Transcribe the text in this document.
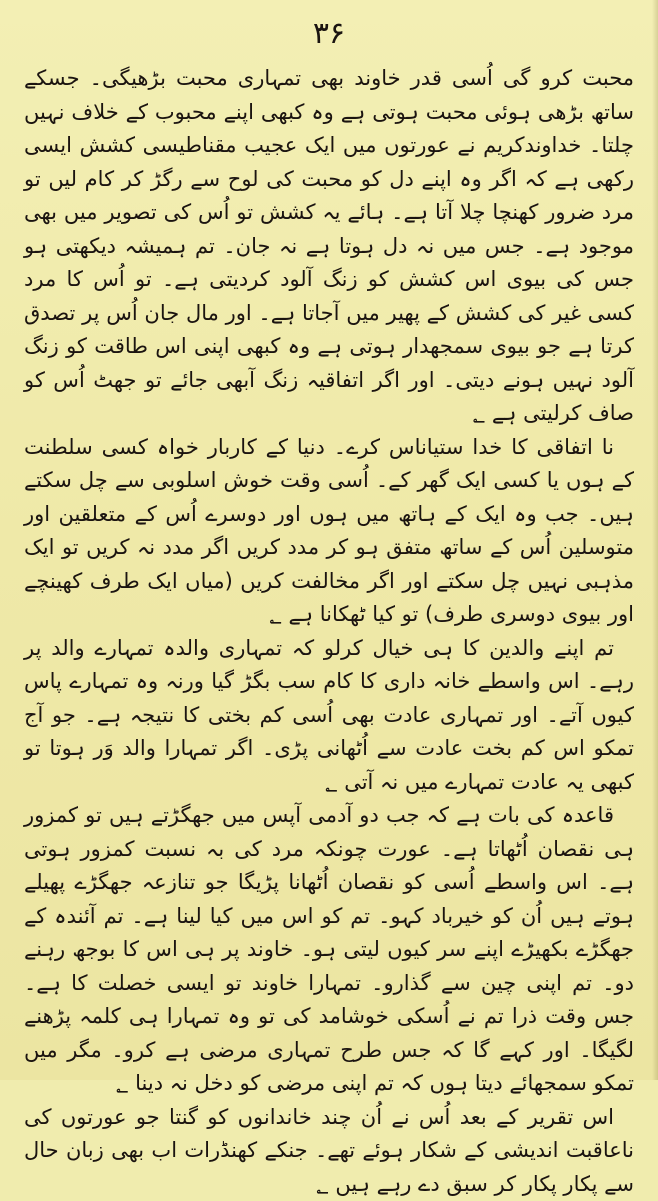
۳۶

محبت کرو گی اُسی قدر خاوند بھی تمہاری محبت بڑھیگی۔ جسکے ساتھ بڑھی ہوئی محبت ہوتی ہے وہ کبھی اپنے محبوب کے خلاف نہیں چلتا۔ خداوندکریم نے عورتوں میں ایک عجیب مقناطیسی کشش ایسی رکھی ہے کہ اگر وہ اپنے دل کو محبت کی لوح سے رگڑ کر کام لیں تو مرد ضرور کھنچا چلا آتا ہے۔ ہائے یہ کشش تو اُس کی تصویر میں بھی موجود ہے۔ جس میں نہ دل ہوتا ہے نہ جان۔ تم ہمیشہ دیکھتی ہو جس کی بیوی اس کشش کو زنگ آلود کردیتی ہے۔ تو اُس کا مرد کسی غیر کی کشش کے پھیر میں آجاتا ہے۔ اور مال جان اُس پر تصدق کرتا ہے جو بیوی سمجھدار ہوتی ہے وہ کبھی اپنی اس طاقت کو زنگ آلود نہیں ہونے دیتی۔ اور اگر اتفاقیہ زنگ آبھی جائے تو جھٹ اُس کو صاف کرلیتی ہے ؂

نا اتفاقی کا خدا ستیاناس کرے۔ دنیا کے کاربار خواہ کسی سلطنت کے ہوں یا کسی ایک گھر کے۔ اُسی وقت خوش اسلوبی سے چل سکتے ہیں۔ جب وہ ایک کے ہاتھ میں ہوں اور دوسرے اُس کے متعلقین اور متوسلین اُس کے ساتھ متفق ہو کر مدد کریں اگر مدد نہ کریں تو ایک مذہبی نہیں چل سکتے اور اگر مخالفت کریں (میاں ایک طرف کھینچے اور بیوی دوسری طرف) تو کیا ٹھکانا ہے ؂

تم اپنے والدین کا ہی خیال کرلو کہ تمہاری والدہ تمہارے والد پر رہے۔ اس واسطے خانہ داری کا کام سب بگڑ گیا ورنہ وہ تمہارے پاس کیوں آتے۔ اور تمہاری عادت بھی اُسی کم بختی کا نتیجہ ہے۔ جو آج تمکو اس کم بخت عادت سے اُٹھانی پڑی۔ اگر تمہارا والد وَر ہوتا تو کبھی یہ عادت تمہارے میں نہ آتی ؂

قاعدہ کی بات ہے کہ جب دو آدمی آپس میں جھگڑتے ہیں تو کمزور ہی نقصان اُٹھاتا ہے۔ عورت چونکہ مرد کی بہ نسبت کمزور ہوتی ہے۔ اس واسطے اُسی کو نقصان اُٹھانا پڑیگا جو تنازعہ جھگڑے پھیلے ہوتے ہیں اُن کو خیرباد کہو۔ تم کو اس میں کیا لینا ہے۔ تم آئندہ کے جھگڑے بکھیڑے اپنے سر کیوں لیتی ہو۔ خاوند پر ہی اس کا بوجھ رہنے دو۔ تم اپنی چین سے گذارو۔ تمہارا خاوند تو ایسی خصلت کا ہے۔ جس وقت ذرا تم نے اُسکی خوشامد کی تو وہ تمہارا ہی کلمہ پڑھنے لگیگا۔ اور کہے گا کہ جس طرح تمہاری مرضی ہے کرو۔ مگر میں تمکو سمجھائے دیتا ہوں کہ تم اپنی مرضی کو دخل نہ دینا ؂

اس تقریر کے بعد اُس نے اُن چند خاندانوں کو گنتا جو عورتوں کی ناعاقبت اندیشی کے شکار ہوئے تھے۔ جنکے کھنڈرات اب بھی زبان حال سے پکار پکار کر سبق دے رہے ہیں ؂
